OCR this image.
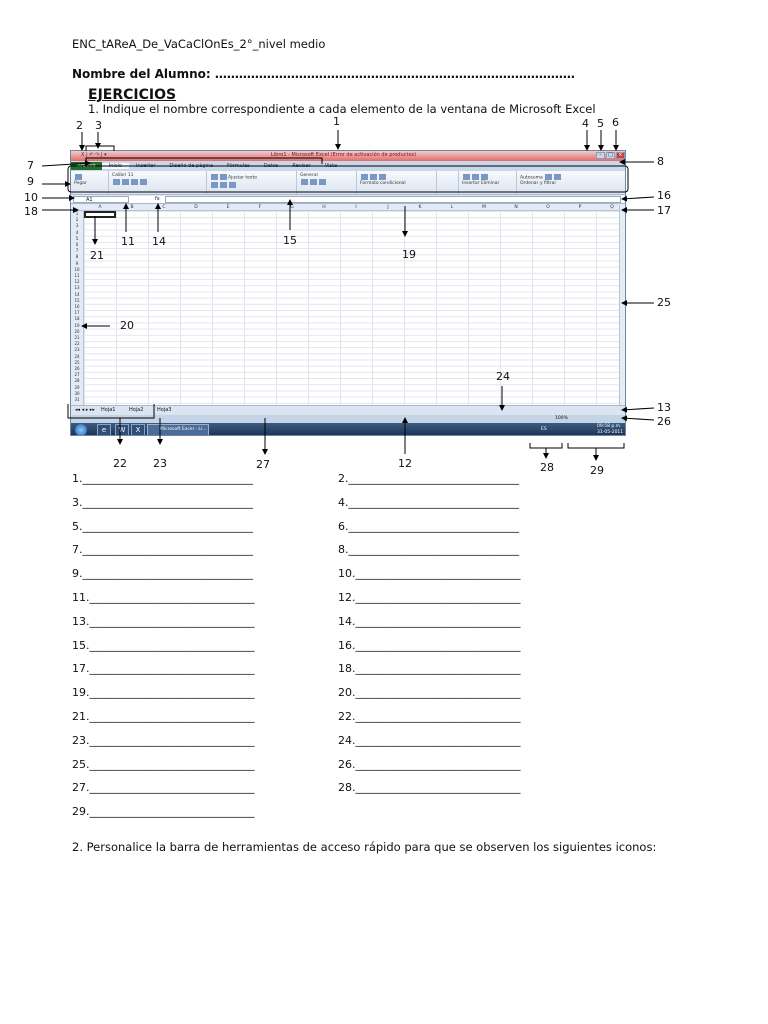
ENC_tAReA_De_VaCaClOnEs_2°_nivel medio
Nombre del Alumno: ………………………………………………………………………………
EJERCICIOS
1. Indique el nombre correspondiente a cada elemento de la ventana de Microsoft Excel
X | ↶ ↷ | ▾	Libro1 - Microsoft Excel (Error de activación de productos)	–	□	×
Archivo	Inicio	Insertar	Diseño de página	Fórmulas	Datos	Revisar	Vista

Pegar
Calibri 11	Ajustar texto	General

Formato condicional	Insertar Eliminar
Autosuma
Ordenar y filtrar
A1	fx
A	B	C	D	E	F	G	H	I	J	K	L	M	N	O	P	Q
1
2
3
4
5
6
7
8
9
10
11
12
13
14
15
16
17
18
19
20
21
22
23
24
25
26
27
28
29
30
31
◂◂ ◂ ▸ ▸▸ Hoja1	Hoja2	Hoja3
100%
e	W	X	Microsoft Excel - Li...	ES
09:58 p.m.
31-05-2011
1
2 3	4 5 6
7	8
9
10
11
12
13
14	15
16
17
18
19
20
21
22 23
24
25
26
27	28	29
1._______________________________	2._______________________________
3._______________________________	4._______________________________
5._______________________________	6._______________________________
7._______________________________	8._______________________________
9._______________________________	10.______________________________
11.______________________________	12.______________________________
13.______________________________	14.______________________________
15.______________________________	16.______________________________
17.______________________________	18.______________________________
19.______________________________	20.______________________________
21.______________________________	22.______________________________
23.______________________________	24.______________________________
25.______________________________	26.______________________________
27.______________________________	28.______________________________
29.______________________________
2. Personalice la barra de herramientas de acceso rápido para que se observen los siguientes iconos:
